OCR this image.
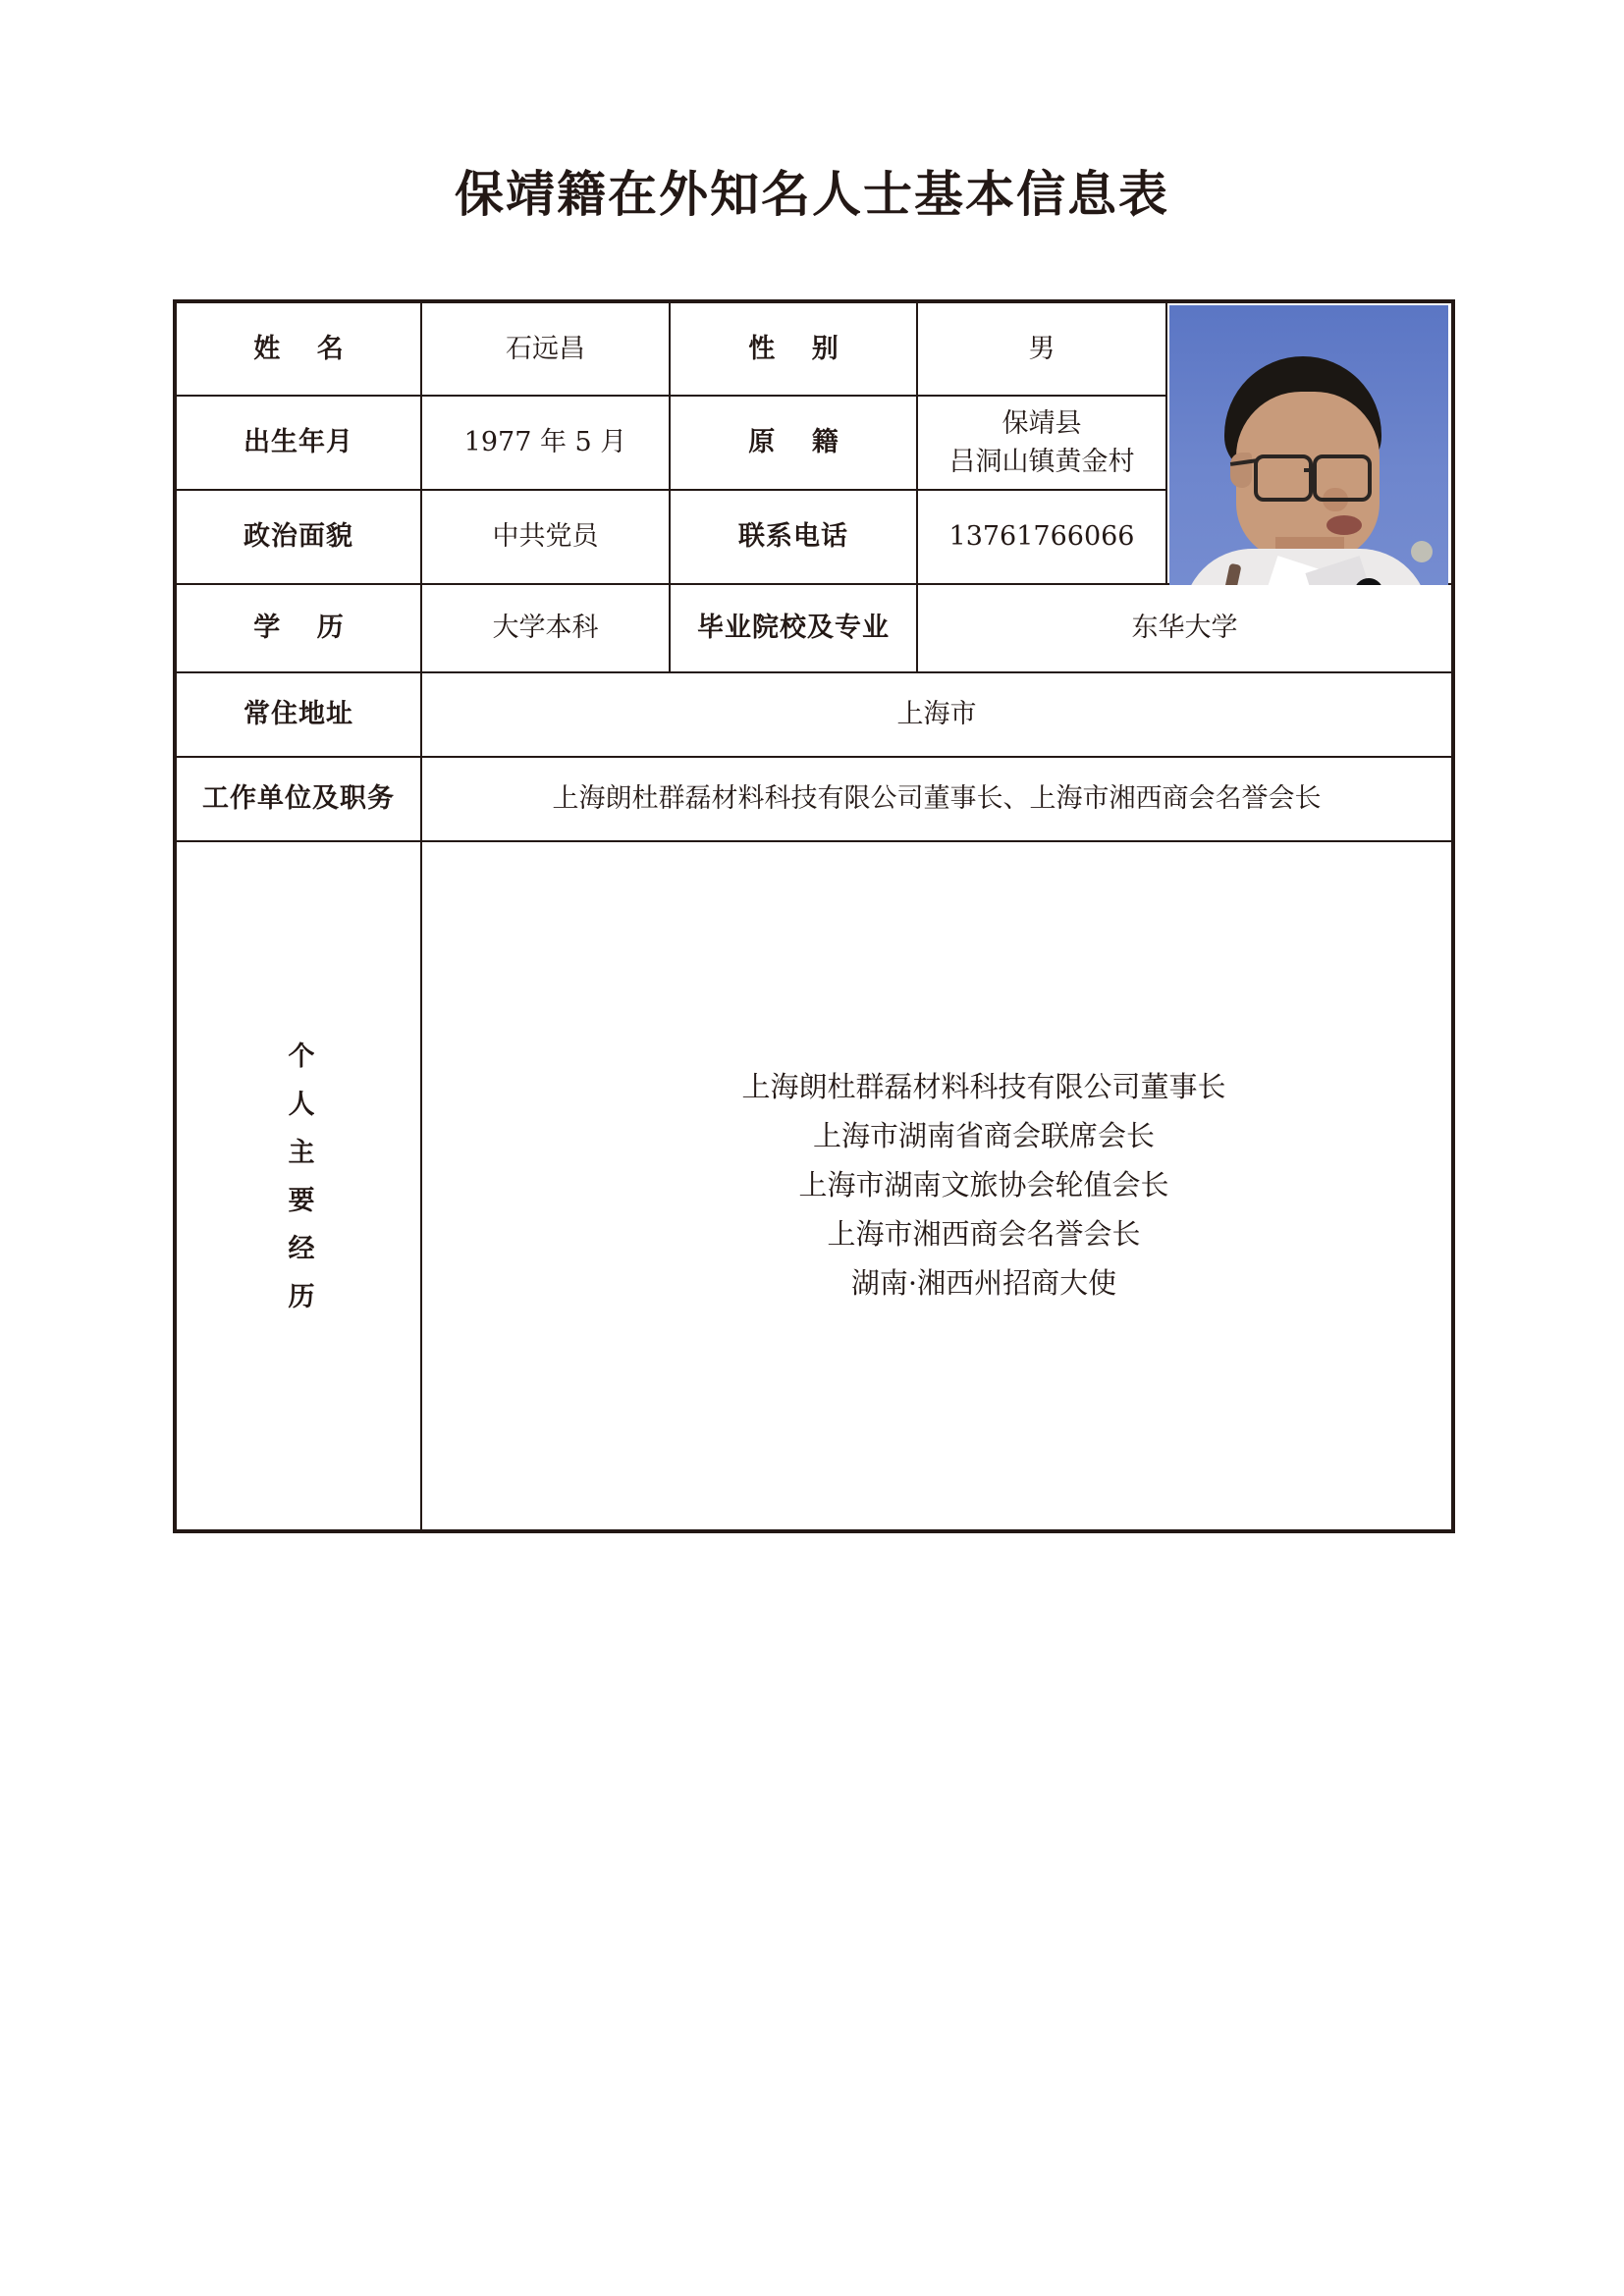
保靖籍在外知名人士基本信息表
姓 名	石远昌	性 别	男	

出生年月	1977 年 5 月	原 籍	保靖县
吕洞山镇黄金村	

政治面貌	中共党员	联系电话	13761766066	
学 历	大学本科	毕业院校及专业	东华大学	
常住地址	上海市			
工作单位及职务	上海朗杜群磊材料科技有限公司董事长、上海市湘西商会名誉会长			

个人主要经历	上海朗杜群磊材料科技有限公司董事长
上海市湖南省商会联席会长
上海市湖南文旅协会轮值会长
上海市湘西商会名誉会长
湖南·湘西州招商大使
